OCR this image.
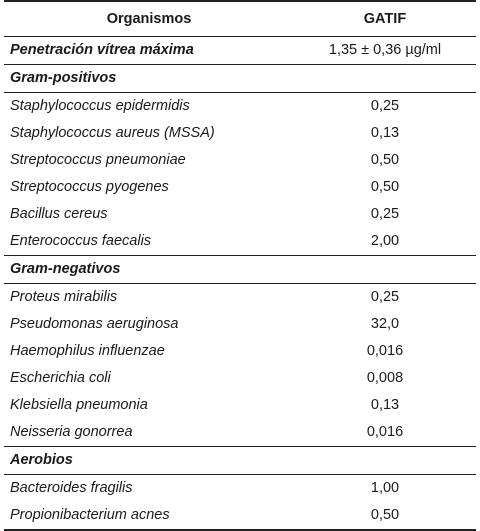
Organismos	GATIF
Penetración vítrea máxima	1,35 ± 0,36 µg/ml
Gram-positivos	
Staphylococcus epidermidis	0,25
Staphylococcus aureus (MSSA)	0,13
Streptococcus pneumoniae	0,50
Streptococcus pyogenes	0,50
Bacillus cereus	0,25
Enterococcus faecalis	2,00
Gram-negativos	
Proteus mirabilis	0,25
Pseudomonas aeruginosa	32,0
Haemophilus influenzae	0,016
Escherichia coli	0,008
Klebsiella pneumonia	0,13
Neisseria gonorrea	0,016
Aerobios	
Bacteroides fragilis	1,00
Propionibacterium acnes	0,50
